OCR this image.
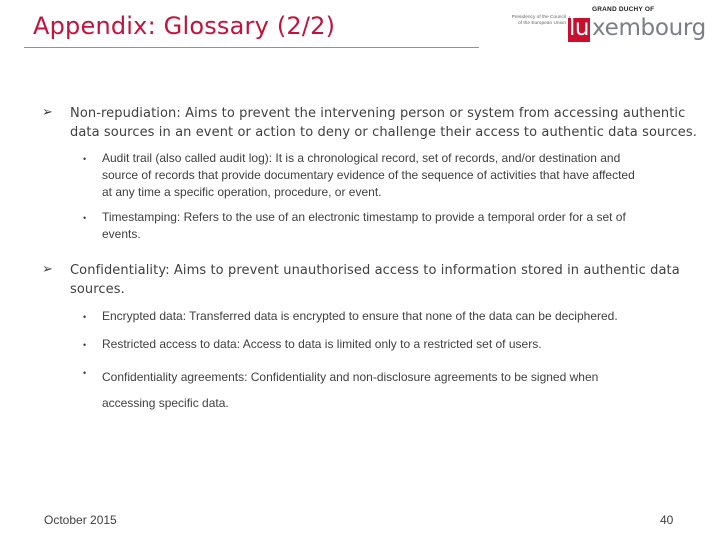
Appendix: Glossary (2/2)
GRAND DUCHY OF
Presidency of the Council of the European Union lu xembourg
➢ Non-repudiation: Aims to prevent the intervening person or system from accessing authentic
data sources in an event or action to deny or challenge their access to authentic data sources.
• Audit trail (also called audit log): It is a chronological record, set of records, and/or destination and
source of records that provide documentary evidence of the sequence of activities that have affected
at any time a specific operation, procedure, or event.
• Timestamping: Refers to the use of an electronic timestamp to provide a temporal order for a set of
events.
➢ Confidentiality: Aims to prevent unauthorised access to information stored in authentic data
sources.
• Encrypted data: Transferred data is encrypted to ensure that none of the data can be deciphered.
• Restricted access to data: Access to data is limited only to a restricted set of users.
• Confidentiality agreements: Confidentiality and non-disclosure agreements to be signed when
accessing specific data.
October 2015	40
